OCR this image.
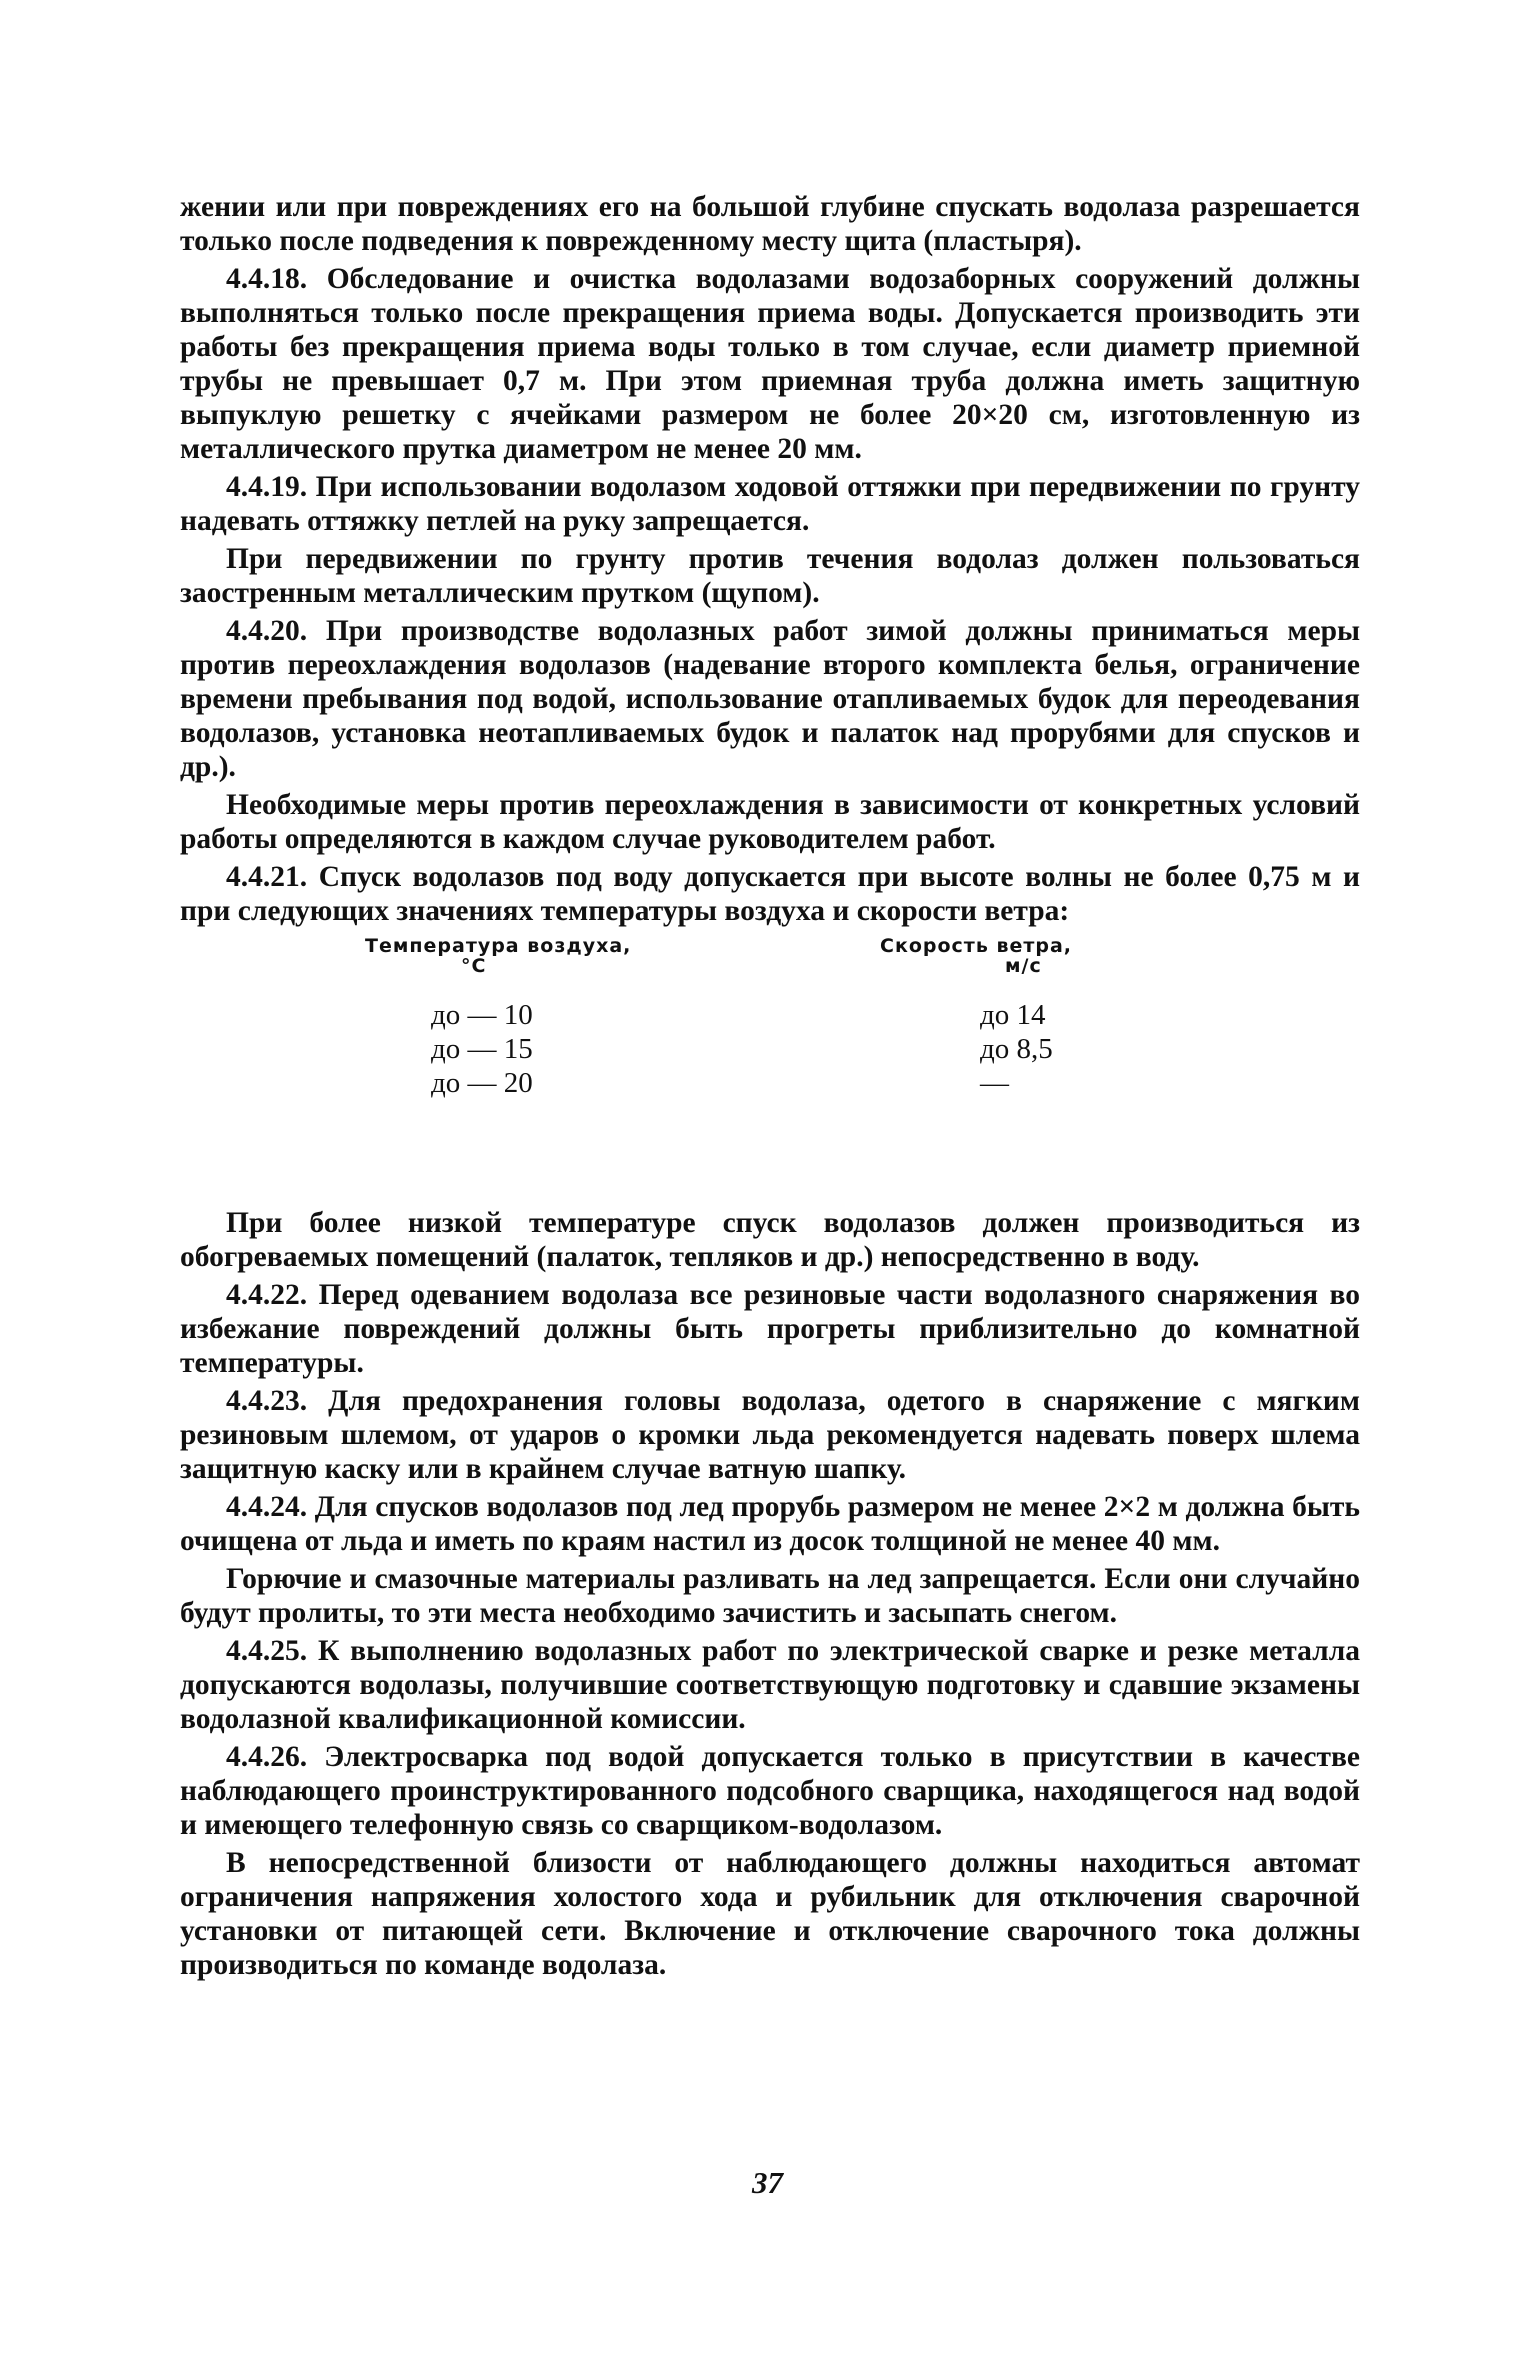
жении или при повреждениях его на большой глубине спускать водолаза разрешается только после подведения к поврежденному месту щита (пластыря).

4.4.18. Обследование и очистка водолазами водозаборных сооружений должны выполняться только после прекращения приема воды. Допускается производить эти работы без прекращения приема воды только в том случае, если диаметр приемной трубы не превышает 0,7 м. При этом приемная труба должна иметь защитную выпуклую решетку с ячейками размером не более 20×20 см, изготовленную из металлического прутка диаметром не менее 20 мм.

4.4.19. При использовании водолазом ходовой оттяжки при передвижении по грунту надевать оттяжку петлей на руку запрещается.

При передвижении по грунту против течения водолаз должен пользоваться заостренным металлическим прутком (щупом).

4.4.20. При производстве водолазных работ зимой должны приниматься меры против переохлаждения водолазов (надевание второго комплекта белья, ограничение времени пребывания под водой, использование отапливаемых будок для переодевания водолазов, установка неотапливаемых будок и палаток над прорубями для спусков и др.).

Необходимые меры против переохлаждения в зависимости от конкретных условий работы определяются в каждом случае руководителем работ.

4.4.21. Спуск водолазов под воду допускается при высоте волны не более 0,75 м и при следующих значениях температуры воздуха и скорости ветра:

Температура воздуха,
°С
до — 10
до — 15
до — 20
Скорость ветра,
м/с
до 14
до 8,5
—

При более низкой температуре спуск водолазов должен производиться из обогреваемых помещений (палаток, тепляков и др.) непосредственно в воду.

4.4.22. Перед одеванием водолаза все резиновые части водолазного снаряжения во избежание повреждений должны быть прогреты приблизительно до комнатной температуры.

4.4.23. Для предохранения головы водолаза, одетого в снаряжение с мягким резиновым шлемом, от ударов о кромки льда рекомендуется надевать поверх шлема защитную каску или в крайнем случае ватную шапку.

4.4.24. Для спусков водолазов под лед прорубь размером не менее 2×2 м должна быть очищена от льда и иметь по краям настил из досок толщиной не менее 40 мм.

Горючие и смазочные материалы разливать на лед запрещается. Если они случайно будут пролиты, то эти места необходимо зачистить и засыпать снегом.

4.4.25. К выполнению водолазных работ по электрической сварке и резке металла допускаются водолазы, получившие соответствующую подготовку и сдавшие экзамены водолазной квалификационной комиссии.

4.4.26. Электросварка под водой допускается только в присутствии в качестве наблюдающего проинструктированного подсобного сварщика, находящегося над водой и имеющего телефонную связь со сварщиком-водолазом.

В непосредственной близости от наблюдающего должны находиться автомат ограничения напряжения холостого хода и рубильник для отключения сварочной установки от питающей сети. Включение и отключение сварочного тока должны производиться по команде водолаза.

37
